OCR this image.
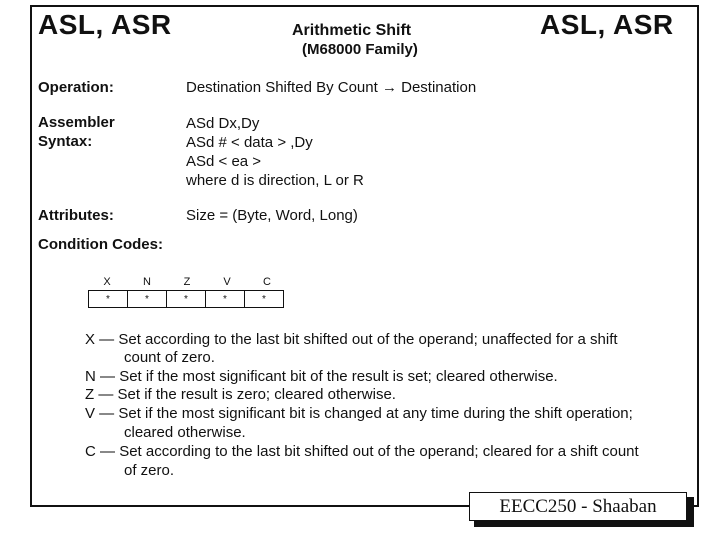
ASL, ASR	Arithmetic Shift
(M68000 Family)
ASL, ASR
Operation:	Destination Shifted By Count → Destination
Assembler
Syntax:
ASd Dx,Dy
ASd # < data > ,Dy
ASd < ea >
where d is direction, L or R
Attributes:	Size = (Byte, Word, Long)
Condition Codes:
X	N	Z	V	C
*	*	*	*	*
X — Set according to the last bit shifted out of the operand; unaffected for a shift
count of zero.
N — Set if the most significant bit of the result is set; cleared otherwise.
Z — Set if the result is zero; cleared otherwise.
V — Set if the most significant bit is changed at any time during the shift operation;
cleared otherwise.
C — Set according to the last bit shifted out of the operand; cleared for a shift count
of zero.
EECC250 - Shaaban
